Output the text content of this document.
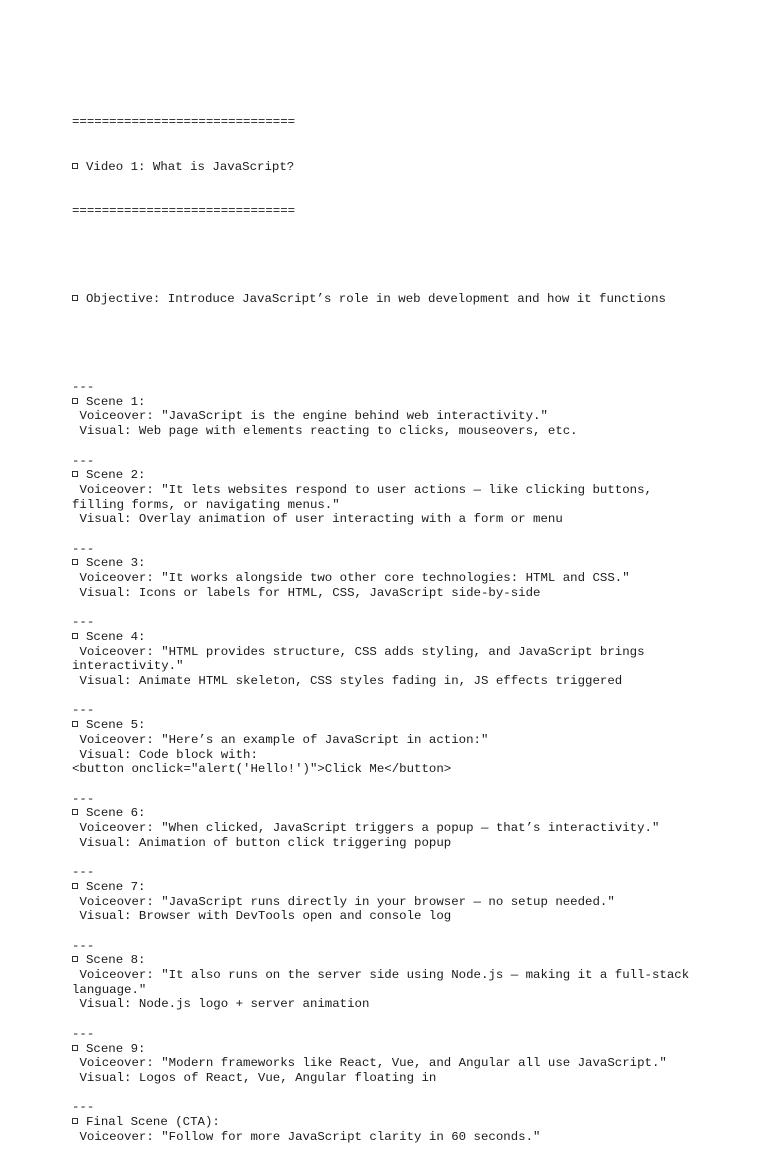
==============================

Video 1: What is JavaScript?

==============================

Objective: Introduce JavaScript’s role in web development and how it functions

---
Scene 1:
Voiceover: "JavaScript is the engine behind web interactivity."
Visual: Web page with elements reacting to clicks, mouseovers, etc.
---
Scene 2:
Voiceover: "It lets websites respond to user actions — like clicking buttons,
filling forms, or navigating menus."
Visual: Overlay animation of user interacting with a form or menu
---
Scene 3:
Voiceover: "It works alongside two other core technologies: HTML and CSS."
Visual: Icons or labels for HTML, CSS, JavaScript side-by-side
---
Scene 4:
Voiceover: "HTML provides structure, CSS adds styling, and JavaScript brings
interactivity."
Visual: Animate HTML skeleton, CSS styles fading in, JS effects triggered
---
Scene 5:
Voiceover: "Here’s an example of JavaScript in action:"
Visual: Code block with:
<button onclick="alert('Hello!')">Click Me</button>
---
Scene 6:
Voiceover: "When clicked, JavaScript triggers a popup — that’s interactivity."
Visual: Animation of button click triggering popup
---
Scene 7:
Voiceover: "JavaScript runs directly in your browser — no setup needed."
Visual: Browser with DevTools open and console log
---
Scene 8:
Voiceover: "It also runs on the server side using Node.js — making it a full-stack
language."
Visual: Node.js logo + server animation
---
Scene 9:
Voiceover: "Modern frameworks like React, Vue, and Angular all use JavaScript."
Visual: Logos of React, Vue, Angular floating in
---
Final Scene (CTA):
Voiceover: "Follow for more JavaScript clarity in 60 seconds."
